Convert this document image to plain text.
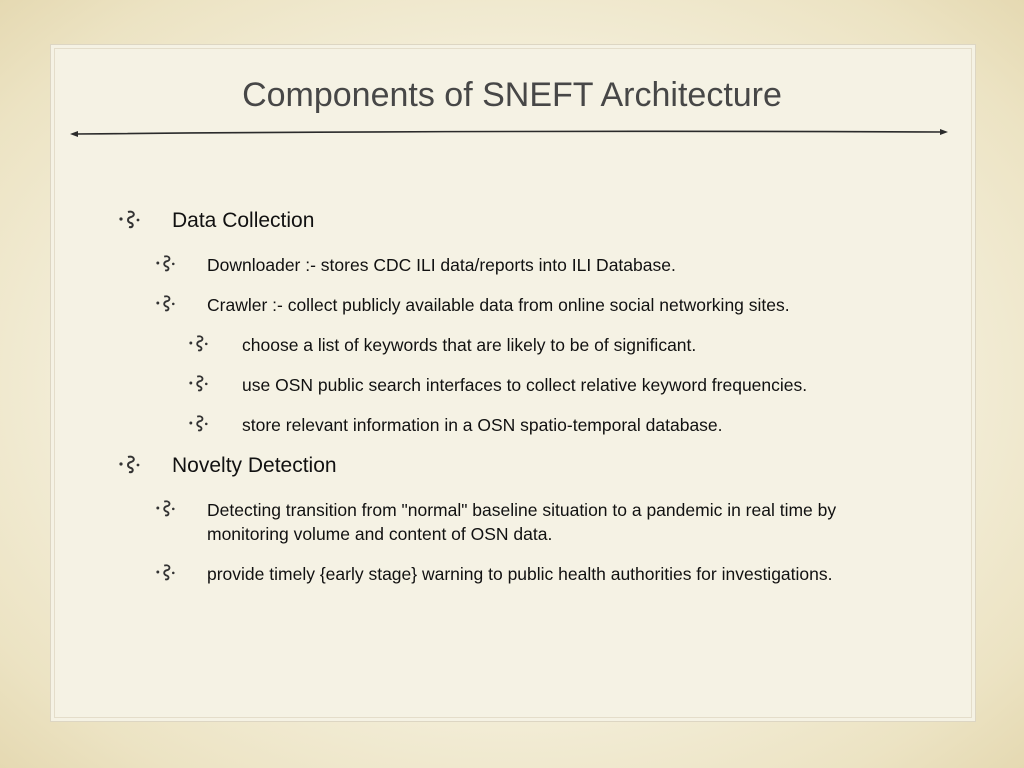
Components of SNEFT Architecture
Data Collection
Downloader :- stores CDC ILI data/reports into ILI Database.
Crawler :- collect publicly available data from online social networking sites.
choose a list of keywords that are likely to be of significant.
use OSN public search interfaces to collect relative keyword frequencies.
store relevant information in a OSN spatio-temporal database.
Novelty Detection
Detecting transition from "normal" baseline situation to a pandemic in real time by
monitoring volume and content of OSN data.
provide timely {early stage} warning to public health authorities for investigations.
